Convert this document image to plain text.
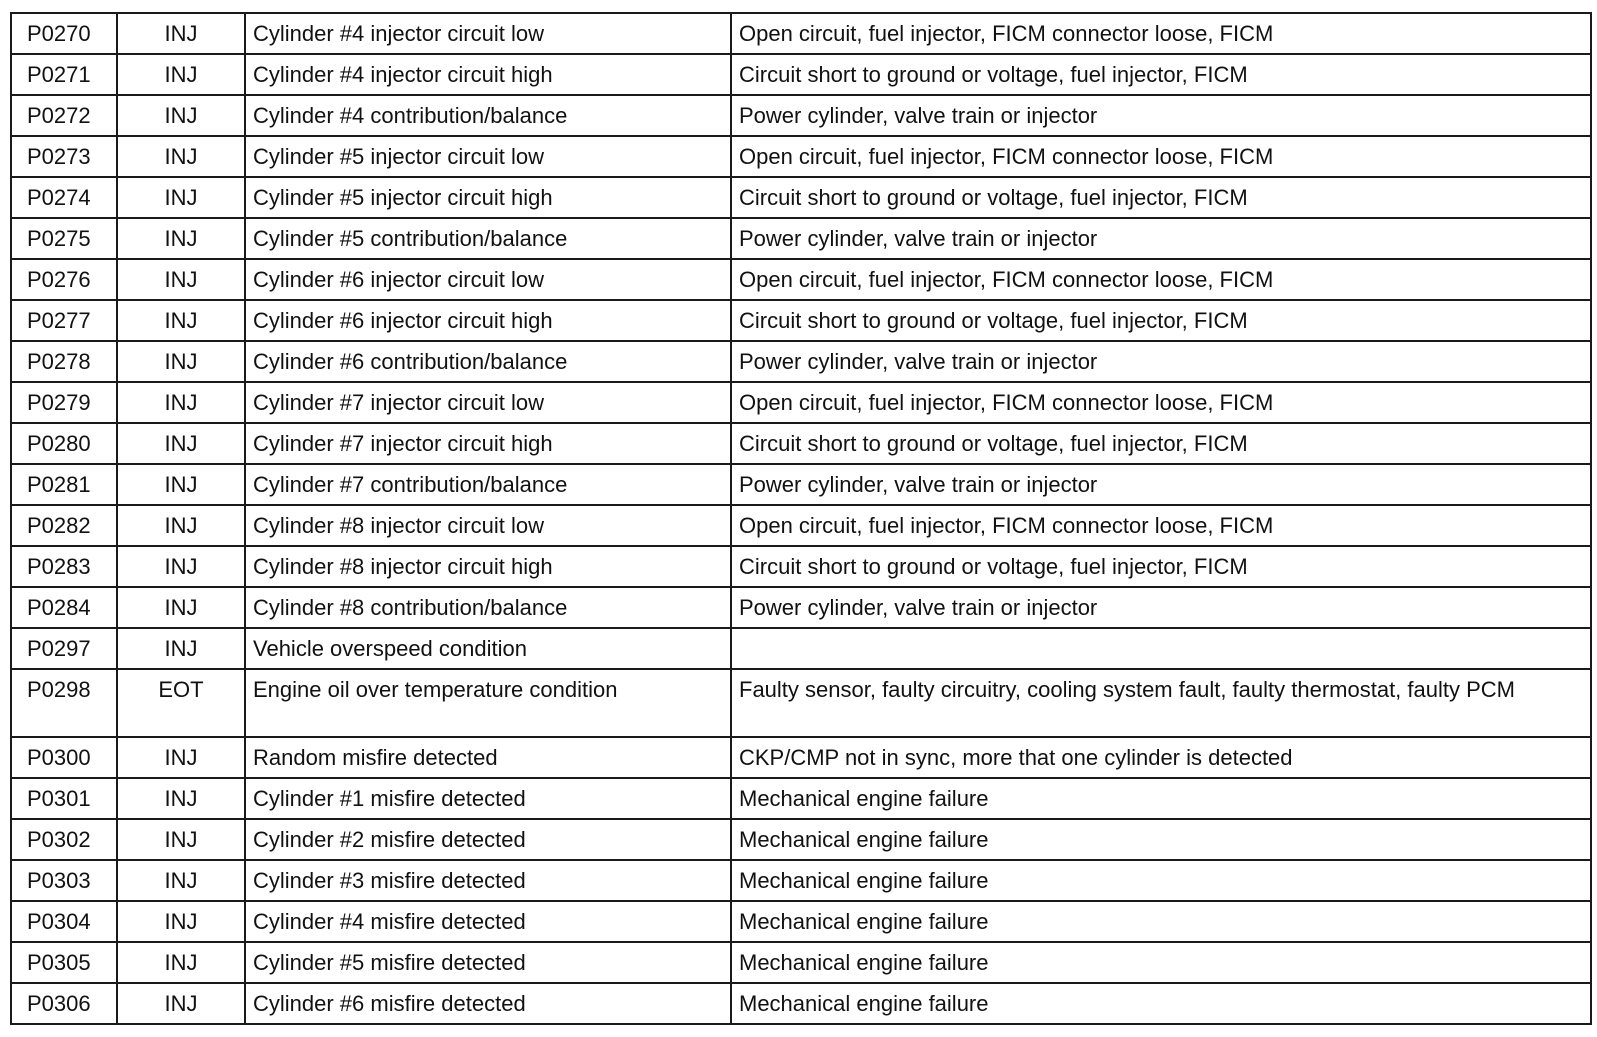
P0270	INJ	Cylinder #4 injector circuit low	Open circuit, fuel injector, FICM connector loose, FICM
P0271	INJ	Cylinder #4 injector circuit high	Circuit short to ground or voltage, fuel injector, FICM
P0272	INJ	Cylinder #4 contribution/balance	Power cylinder, valve train or injector
P0273	INJ	Cylinder #5 injector circuit low	Open circuit, fuel injector, FICM connector loose, FICM
P0274	INJ	Cylinder #5 injector circuit high	Circuit short to ground or voltage, fuel injector, FICM
P0275	INJ	Cylinder #5 contribution/balance	Power cylinder, valve train or injector
P0276	INJ	Cylinder #6 injector circuit low	Open circuit, fuel injector, FICM connector loose, FICM
P0277	INJ	Cylinder #6 injector circuit high	Circuit short to ground or voltage, fuel injector, FICM
P0278	INJ	Cylinder #6 contribution/balance	Power cylinder, valve train or injector
P0279	INJ	Cylinder #7 injector circuit low	Open circuit, fuel injector, FICM connector loose, FICM
P0280	INJ	Cylinder #7 injector circuit high	Circuit short to ground or voltage, fuel injector, FICM
P0281	INJ	Cylinder #7 contribution/balance	Power cylinder, valve train or injector
P0282	INJ	Cylinder #8 injector circuit low	Open circuit, fuel injector, FICM connector loose, FICM
P0283	INJ	Cylinder #8 injector circuit high	Circuit short to ground or voltage, fuel injector, FICM
P0284	INJ	Cylinder #8 contribution/balance	Power cylinder, valve train or injector
P0297	INJ	Vehicle overspeed condition	
P0298	EOT	Engine oil over temperature condition	Faulty sensor, faulty circuitry, cooling system fault, faulty thermostat, faulty PCM
P0300	INJ	Random misfire detected	CKP/CMP not in sync, more that one cylinder is detected
P0301	INJ	Cylinder #1 misfire detected	Mechanical engine failure
P0302	INJ	Cylinder #2 misfire detected	Mechanical engine failure
P0303	INJ	Cylinder #3 misfire detected	Mechanical engine failure
P0304	INJ	Cylinder #4 misfire detected	Mechanical engine failure
P0305	INJ	Cylinder #5 misfire detected	Mechanical engine failure
P0306	INJ	Cylinder #6 misfire detected	Mechanical engine failure
